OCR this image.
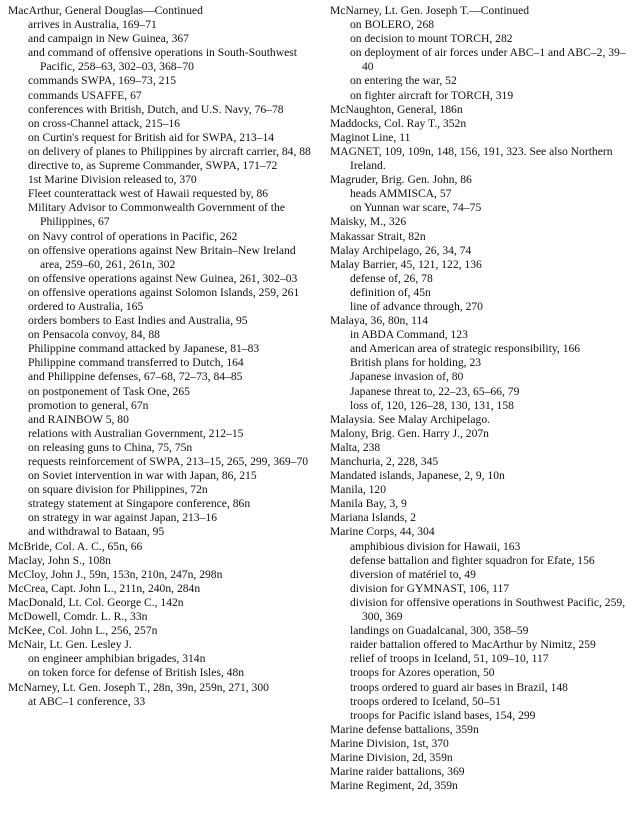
MacArthur, General Douglas—Continued
arrives in Australia, 169–71
and campaign in New Guinea, 367
and command of offensive operations in South-Southwest Pacific, 258–63, 302–03, 368–70
commands SWPA, 169–73, 215
commands USAFFE, 67
conferences with British, Dutch, and U.S. Navy, 76–78
on cross-Channel attack, 215–16
on Curtin's request for British aid for SWPA, 213–14
on delivery of planes to Philippines by aircraft carrier, 84, 88
directive to, as Supreme Commander, SWPA, 171–72
1st Marine Division released to, 370
Fleet counterattack west of Hawaii requested by, 86
Military Advisor to Commonwealth Government of the Philippines, 67
on Navy control of operations in Pacific, 262
on offensive operations against New Britain–New Ireland area, 259–60, 261, 261n, 302
on offensive operations against New Guinea, 261, 302–03
on offensive operations against Solomon Islands, 259, 261
ordered to Australia, 165
orders bombers to East Indies and Australia, 95
on Pensacola convoy, 84, 88
Philippine command attacked by Japanese, 81–83
Philippine command transferred to Dutch, 164
and Philippine defenses, 67–68, 72–73, 84–85
on postponement of Task One, 265
promotion to general, 67n
and RAINBOW 5, 80
relations with Australian Government, 212–15
on releasing guns to China, 75, 75n
requests reinforcement of SWPA, 213–15, 265, 299, 369–70
on Soviet intervention in war with Japan, 86, 215
on square division for Philippines, 72n
strategy statement at Singapore conference, 86n
on strategy in war against Japan, 213–16
and withdrawal to Bataan, 95
McBride, Col. A. C., 65n, 66
Maclay, John S., 108n
McCloy, John J., 59n, 153n, 210n, 247n, 298n
McCrea, Capt. John L., 211n, 240n, 284n
MacDonald, Lt. Col. George C., 142n
McDowell, Comdr. L. R., 33n
McKee, Col. John L., 256, 257n
McNair, Lt. Gen. Lesley J.
on engineer amphibian brigades, 314n
on token force for defense of British Isles, 48n
McNarney, Lt. Gen. Joseph T., 28n, 39n, 259n, 271, 300
at ABC–1 conference, 33
McNarney, Lt. Gen. Joseph T.—Continued
on BOLERO, 268
on decision to mount TORCH, 282
on deployment of air forces under ABC–1 and ABC–2, 39–40
on entering the war, 52
on fighter aircraft for TORCH, 319
McNaughton, General, 186n
Maddocks, Col. Ray T., 352n
Maginot Line, 11
MAGNET, 109, 109n, 148, 156, 191, 323. See also Northern Ireland.
Magruder, Brig. Gen. John, 86
heads AMMISCA, 57
on Yunnan war scare, 74–75
Maisky, M., 326
Makassar Strait, 82n
Malay Archipelago, 26, 34, 74
Malay Barrier, 45, 121, 122, 136
defense of, 26, 78
definition of, 45n
line of advance through, 270
Malaya, 36, 80n, 114
in ABDA Command, 123
and American area of strategic responsibility, 166
British plans for holding, 23
Japanese invasion of, 80
Japanese threat to, 22–23, 65–66, 79
loss of, 120, 126–28, 130, 131, 158
Malaysia. See Malay Archipelago.
Malony, Brig. Gen. Harry J., 207n
Malta, 238
Manchuria, 2, 228, 345
Mandated islands, Japanese, 2, 9, 10n
Manila, 120
Manila Bay, 3, 9
Mariana Islands, 2
Marine Corps, 44, 304
amphibious division for Hawaii, 163
defense battalion and fighter squadron for Efate, 156
diversion of matériel to, 49
division for GYMNAST, 106, 117
division for offensive operations in Southwest Pacific, 259, 300, 369
landings on Guadalcanal, 300, 358–59
raider battalion offered to MacArthur by Nimitz, 259
relief of troops in Iceland, 51, 109–10, 117
troops for Azores operation, 50
troops ordered to guard air bases in Brazil, 148
troops ordered to Iceland, 50–51
troops for Pacific island bases, 154, 299
Marine defense battalions, 359n
Marine Division, 1st, 370
Marine Division, 2d, 359n
Marine raider battalions, 369
Marine Regiment, 2d, 359n
